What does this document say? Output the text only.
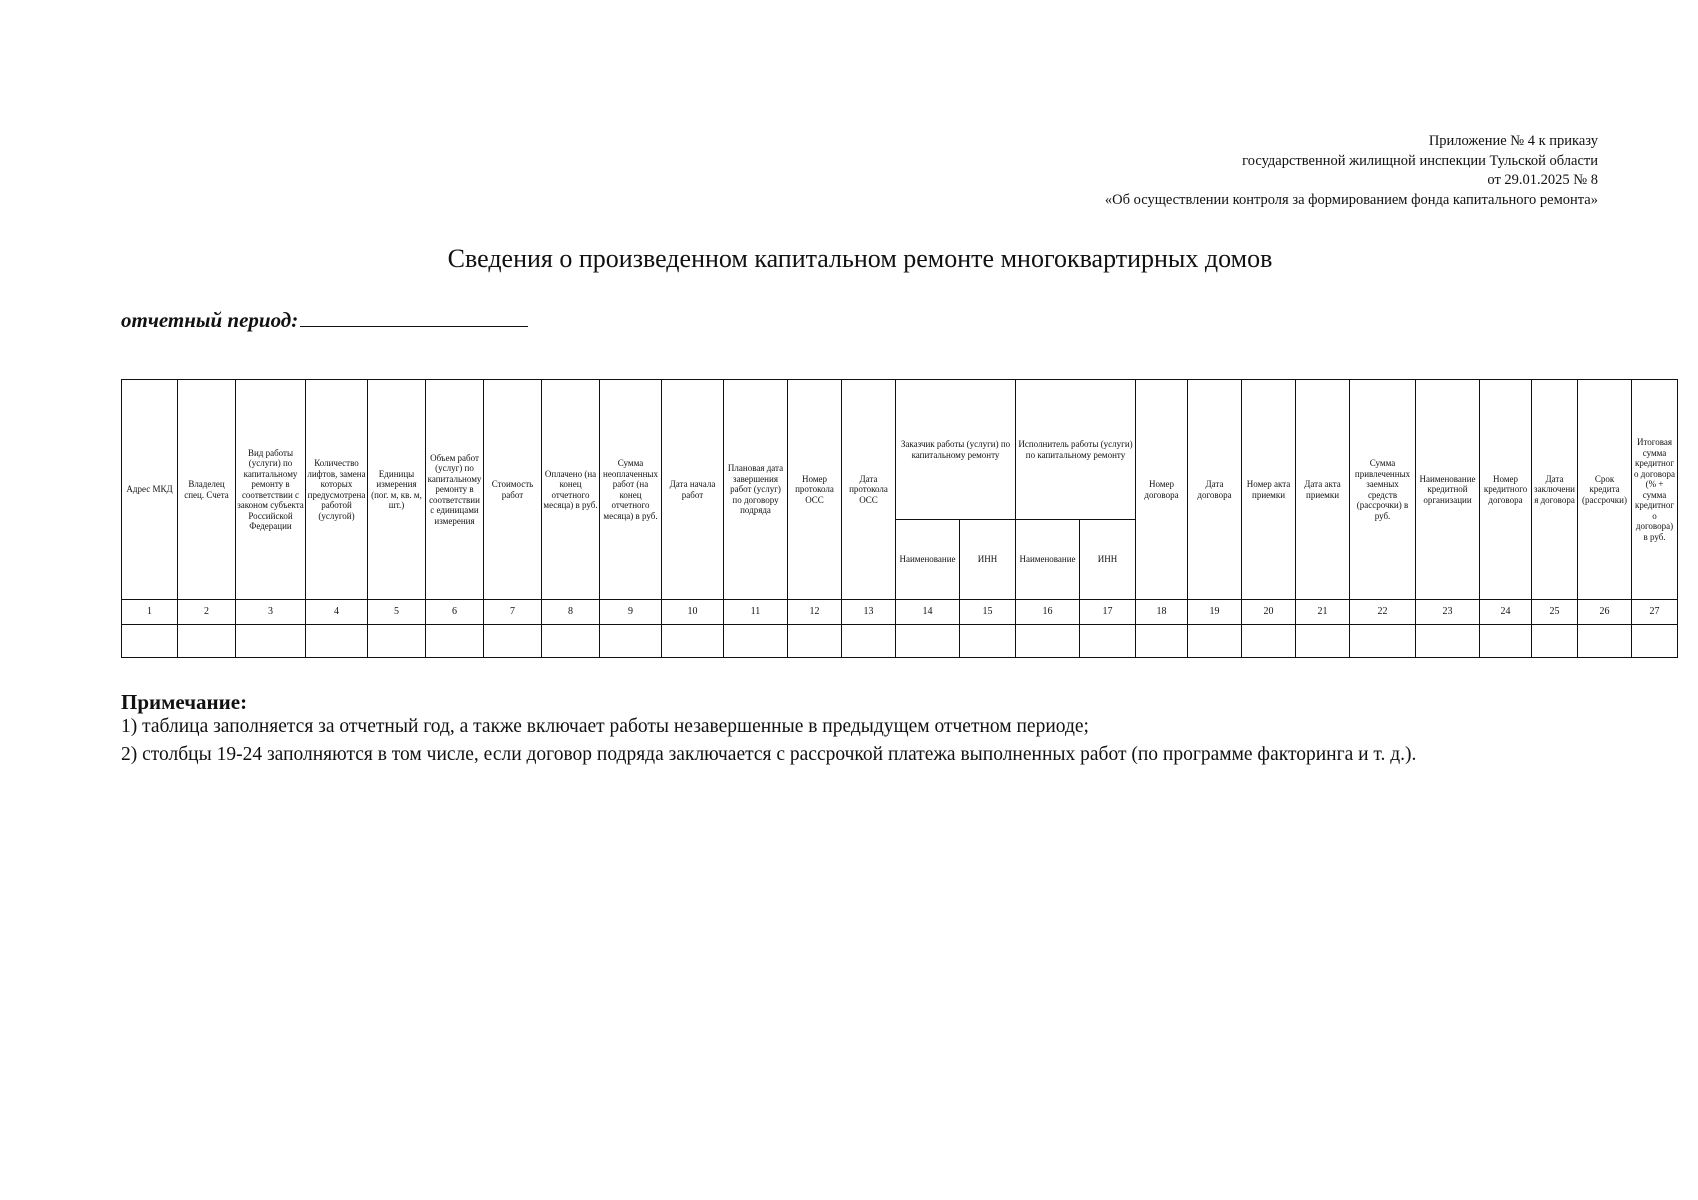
Приложение № 4 к приказу
государственной жилищной инспекции Тульской области
от 29.01.2025 № 8
«Об осуществлении контроля за формированием фонда капитального ремонта»
Сведения о произведенном капитальном ремонте многоквартирных домов
отчетный период:
Адрес МКД	Владелец спец. Счета	Вид работы (услуги) по капитальному ремонту в соответствии с законом субъекта Российской Федерации	Количество лифтов, замена которых предусмотрена работой (услугой)	Единицы измерения (пог. м, кв. м, шт.)	Объем работ (услуг) по капитальному ремонту в соответствии с единицами измерения	Стоимость работ	Оплачено (на конец отчетного месяца) в руб.	Сумма неоплаченных работ (на конец отчетного месяца) в руб.	Дата начала работ	Плановая дата завершения работ (услуг) по договору подряда	Номер протокола ОСС	Дата протокола ОСС	Заказчик работы (услуги) по капитальному ремонту		Исполнитель работы (услуги) по капитальному ремонту		Номер договора	Дата договора	Номер акта приемки	Дата акта приемки	Сумма привлеченных заемных средств (рассрочки) в руб.	Наименование кредитной организации	Номер кредитного договора	Дата заключения договора	Срок кредита (рассрочки)	Итоговая сумма кредитного договора (% + сумма кредитного договора) в руб.
													Наименование	ИНН	Наименование	ИНН										
1	2	3	4	5	6	7	8	9	10	11	12	13	14	15	16	17	18	19	20	21	22	23	24	25	26	27

Примечание:
1) таблица заполняется за отчетный год, а также включает работы незавершенные в предыдущем отчетном периоде;
2) столбцы 19-24 заполняются в том числе, если договор подряда заключается с рассрочкой платежа выполненных работ (по программе факторинга и т. д.).
